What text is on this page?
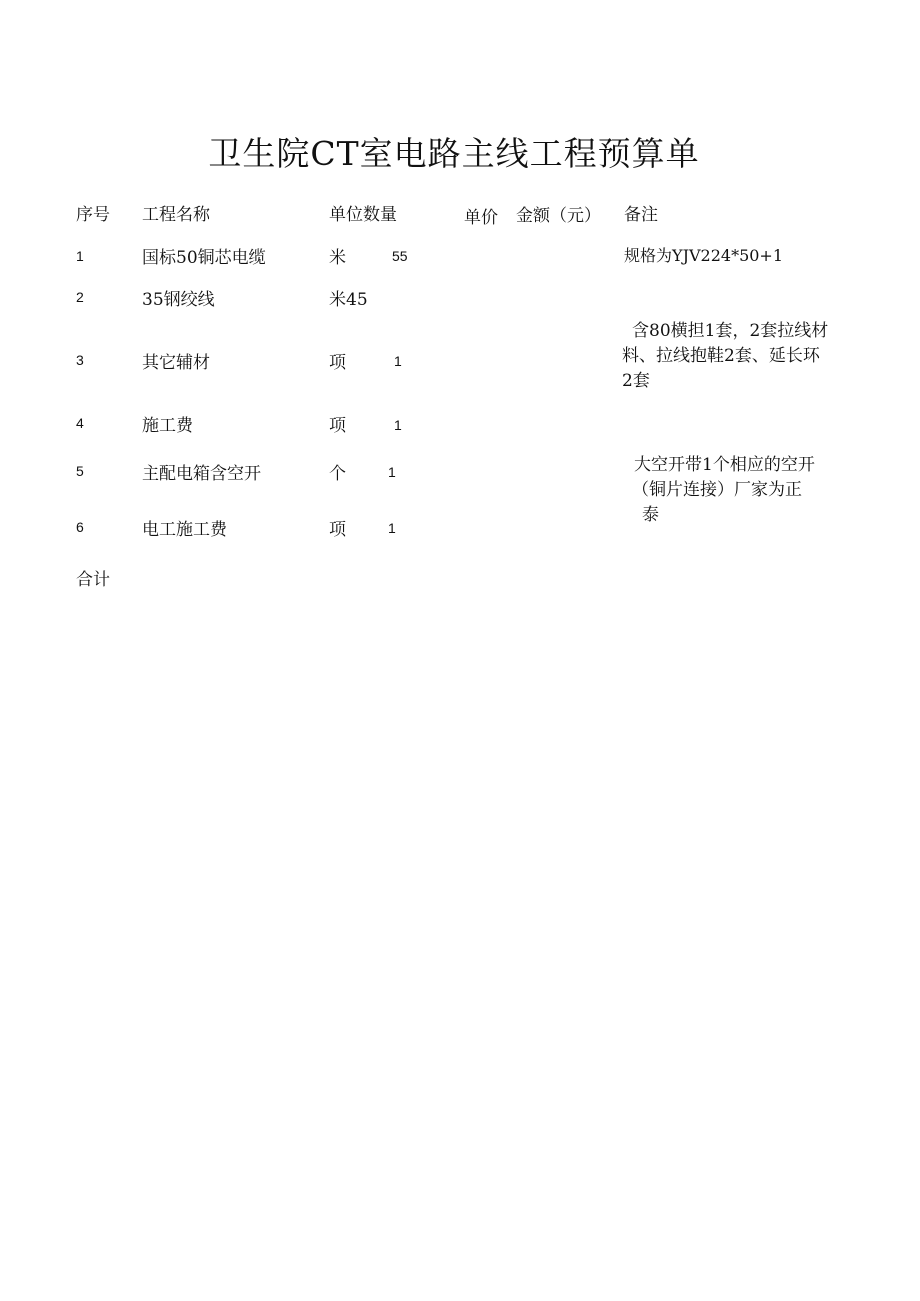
卫生院CT室电路主线工程预算单
序号 工程名称	单位数量	单价 金额（元） 备注
1	国标50铜芯电缆	米	55	规格为YJV224*50+1
2	35钢绞线	米45
3	其它辅材	项	1
含80横担1套，2套拉线材
料、拉线抱鞋2套、延长环
2套
4	施工费	项	1
5	主配电箱含空开	个	1	大空开带1个相应的空开
（铜片连接）厂家为正
泰
6	电工施工费	项	1
合计
